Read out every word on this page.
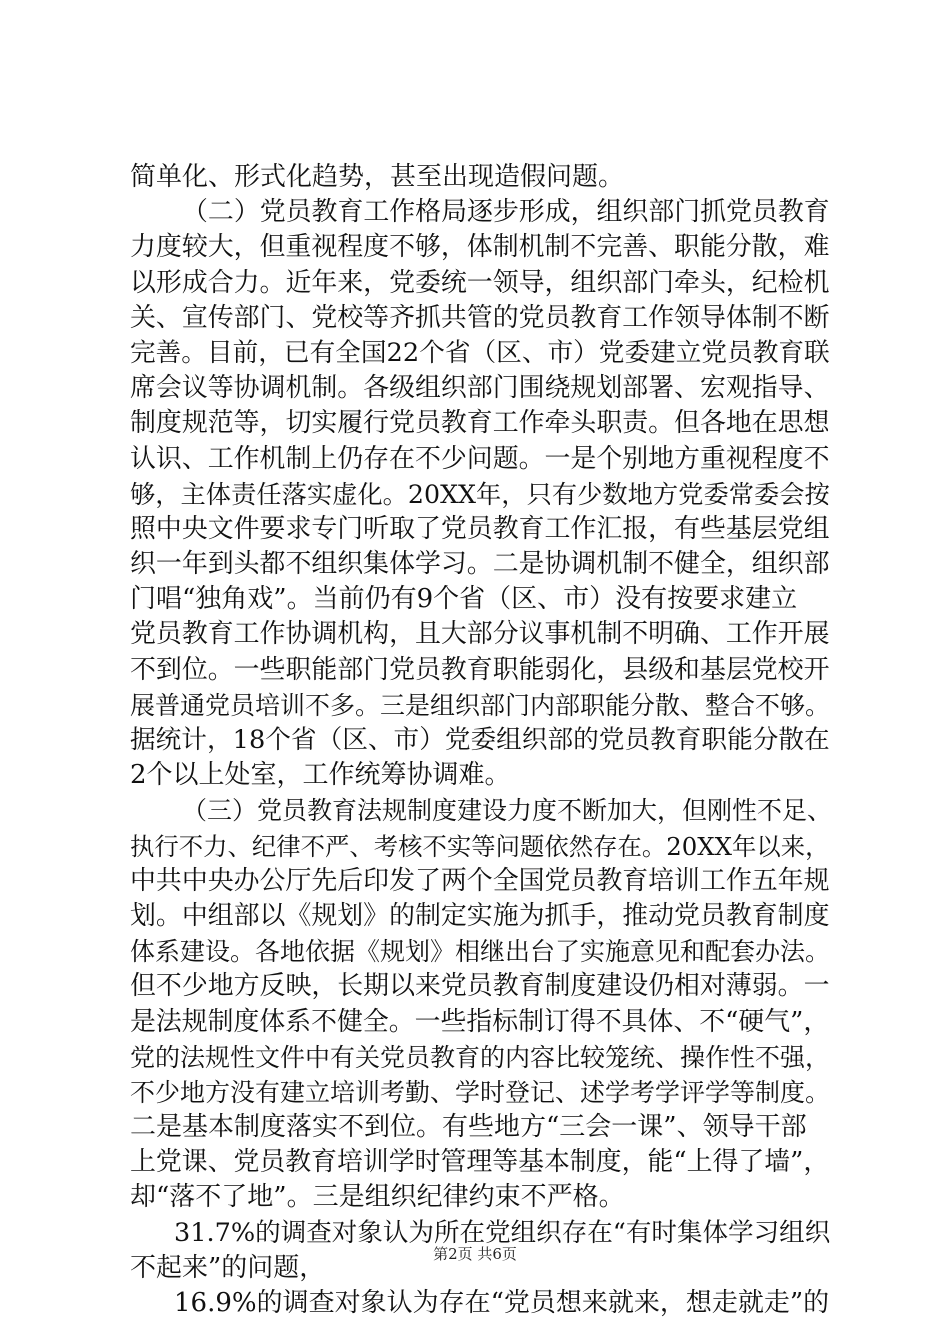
简单化、形式化趋势，甚至出现造假问题。
（二）党员教育工作格局逐步形成，组织部门抓党员教育
力度较大，但重视程度不够，体制机制不完善、职能分散，难
以形成合力。近年来，党委统一领导，组织部门牵头，纪检机
关、宣传部门、党校等齐抓共管的党员教育工作领导体制不断
完善。目前，已有全国22个省（区、市）党委建立党员教育联
席会议等协调机制。各级组织部门围绕规划部署、宏观指导、
制度规范等，切实履行党员教育工作牵头职责。但各地在思想
认识、工作机制上仍存在不少问题。一是个别地方重视程度不
够，主体责任落实虚化。20XX年，只有少数地方党委常委会按
照中央文件要求专门听取了党员教育工作汇报，有些基层党组
织一年到头都不组织集体学习。二是协调机制不健全，组织部
门唱“独角戏”。当前仍有9个省（区、市）没有按要求建立
党员教育工作协调机构，且大部分议事机制不明确、工作开展
不到位。一些职能部门党员教育职能弱化，县级和基层党校开
展普通党员培训不多。三是组织部门内部职能分散、整合不够。
据统计，18个省（区、市）党委组织部的党员教育职能分散在
2个以上处室，工作统筹协调难。
（三）党员教育法规制度建设力度不断加大，但刚性不足、
执行不力、纪律不严、考核不实等问题依然存在。20XX年以来，
中共中央办公厅先后印发了两个全国党员教育培训工作五年规
划。中组部以《规划》的制定实施为抓手，推动党员教育制度
体系建设。各地依据《规划》相继出台了实施意见和配套办法。
但不少地方反映，长期以来党员教育制度建设仍相对薄弱。一
是法规制度体系不健全。一些指标制订得不具体、不“硬气”，
党的法规性文件中有关党员教育的内容比较笼统、操作性不强，
不少地方没有建立培训考勤、学时登记、述学考学评学等制度。
二是基本制度落实不到位。有些地方“三会一课”、领导干部
上党课、党员教育培训学时管理等基本制度，能“上得了墙”，
却“落不了地”。三是组织纪律约束不严格。
31.7%的调查对象认为所在党组织存在“有时集体学习组织
不起来”的问题，
16.9%的调查对象认为存在“党员想来就来，想走就走”的
第2页 共6页
